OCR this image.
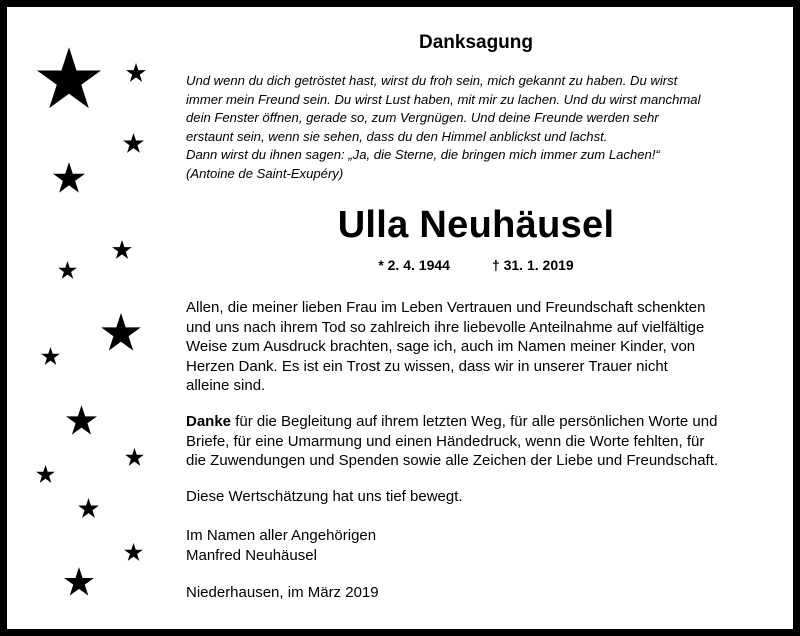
Danksagung
Und wenn du dich getröstet hast, wirst du froh sein, mich gekannt zu haben. Du wirst
immer mein Freund sein. Du wirst Lust haben, mit mir zu lachen. Und du wirst manchmal
dein Fenster öffnen, gerade so, zum Vergnügen. Und deine Freunde werden sehr
erstaunt sein, wenn sie sehen, dass du den Himmel anblickst und lachst.
Dann wirst du ihnen sagen: „Ja, die Sterne, die bringen mich immer zum Lachen!“
(Antoine de Saint-Exupéry)
Ulla Neuhäusel
* 2. 4. 1944	† 31. 1. 2019
Allen, die meiner lieben Frau im Leben Vertrauen und Freundschaft schenkten
und uns nach ihrem Tod so zahlreich ihre liebevolle Anteilnahme auf vielfältige
Weise zum Ausdruck brachten, sage ich, auch im Namen meiner Kinder, von
Herzen Dank. Es ist ein Trost zu wissen, dass wir in unserer Trauer nicht
alleine sind.
Danke für die Begleitung auf ihrem letzten Weg, für alle persönlichen Worte und
Briefe, für eine Umarmung und einen Händedruck, wenn die Worte fehlten, für
die Zuwendungen und Spenden sowie alle Zeichen der Liebe und Freundschaft.
Diese Wertschätzung hat uns tief bewegt.
Im Namen aller Angehörigen
Manfred Neuhäusel
Niederhausen, im März 2019
